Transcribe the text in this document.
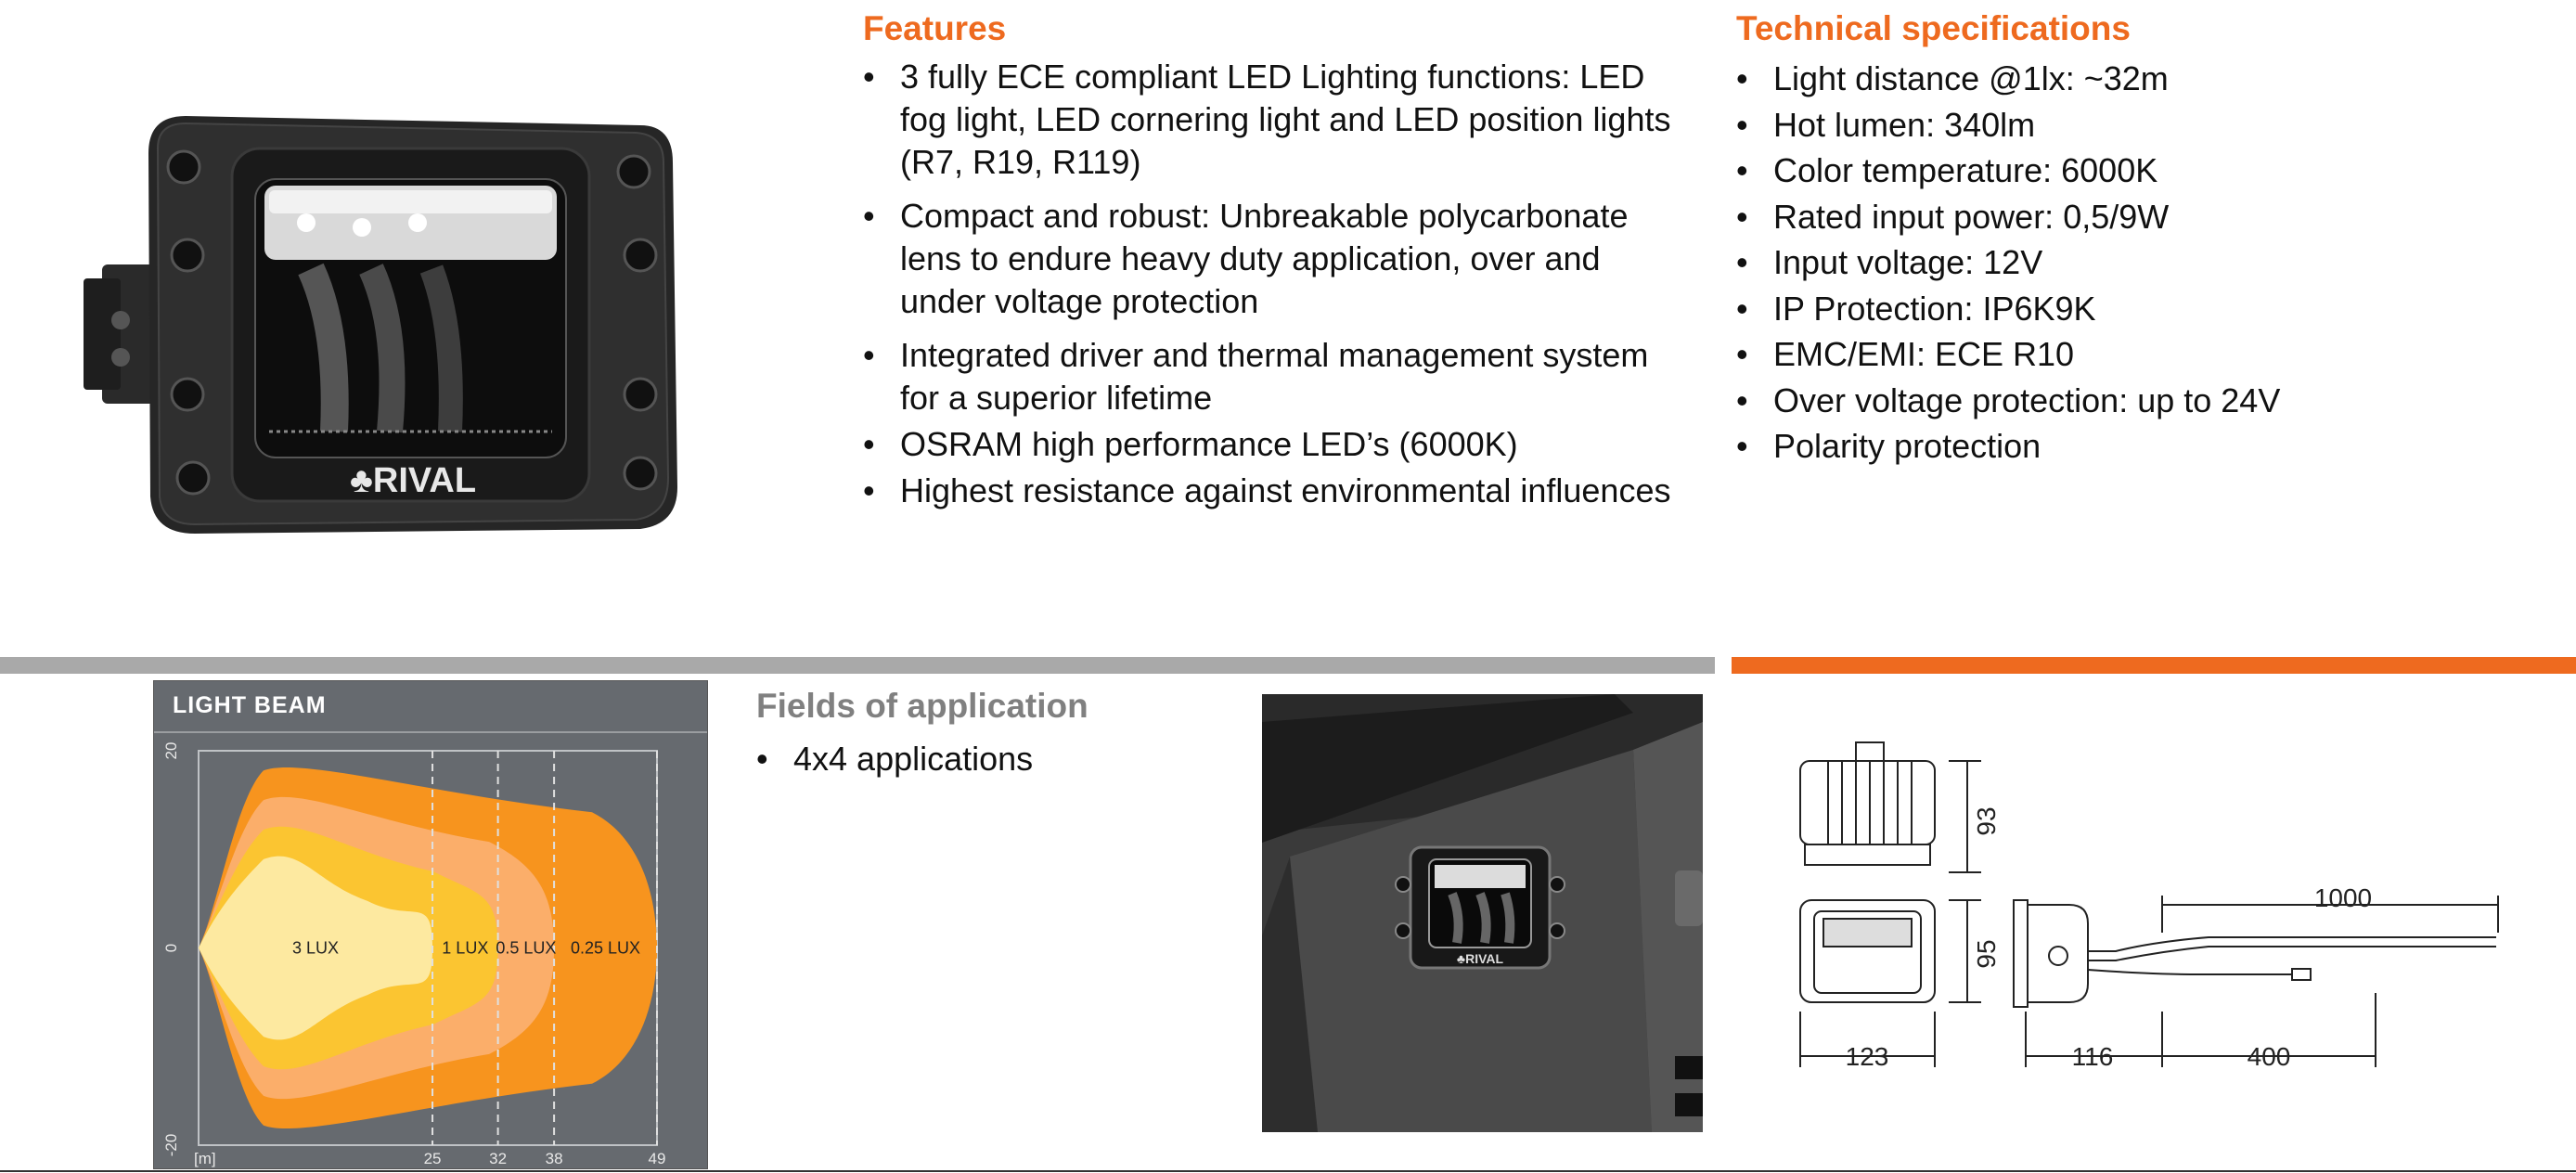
♣RIVAL
Features
• 3 fully ECE compliant LED Lighting functions: LED fog light, LED cornering light and LED position lights (R7, R19, R119)
• Compact and robust: Unbreakable polycarbonate lens to endure heavy duty application, over and under voltage protection
• Integrated driver and thermal management system for a superior lifetime
• OSRAM high performance LED’s (6000K)
• Highest resistance against environmental influences
Technical specifications
• Light distance @1lx: ~32m
• Hot lumen: 340lm
• Color temperature: 6000K
• Rated input power: 0,5/9W
• Input voltage: 12V
• IP Protection: IP6K9K
• EMC/EMI: ECE R10
• Over voltage protection: up to 24V
• Polarity protection
25	32 38	49
20
0
-20
[m]
3 LUX	1 LUX 0.5 LUX 0.25 LUX
LIGHT BEAM	Fields of application
• 4x4 applications
♣RIVAL
93
95
123	116	400
1000
